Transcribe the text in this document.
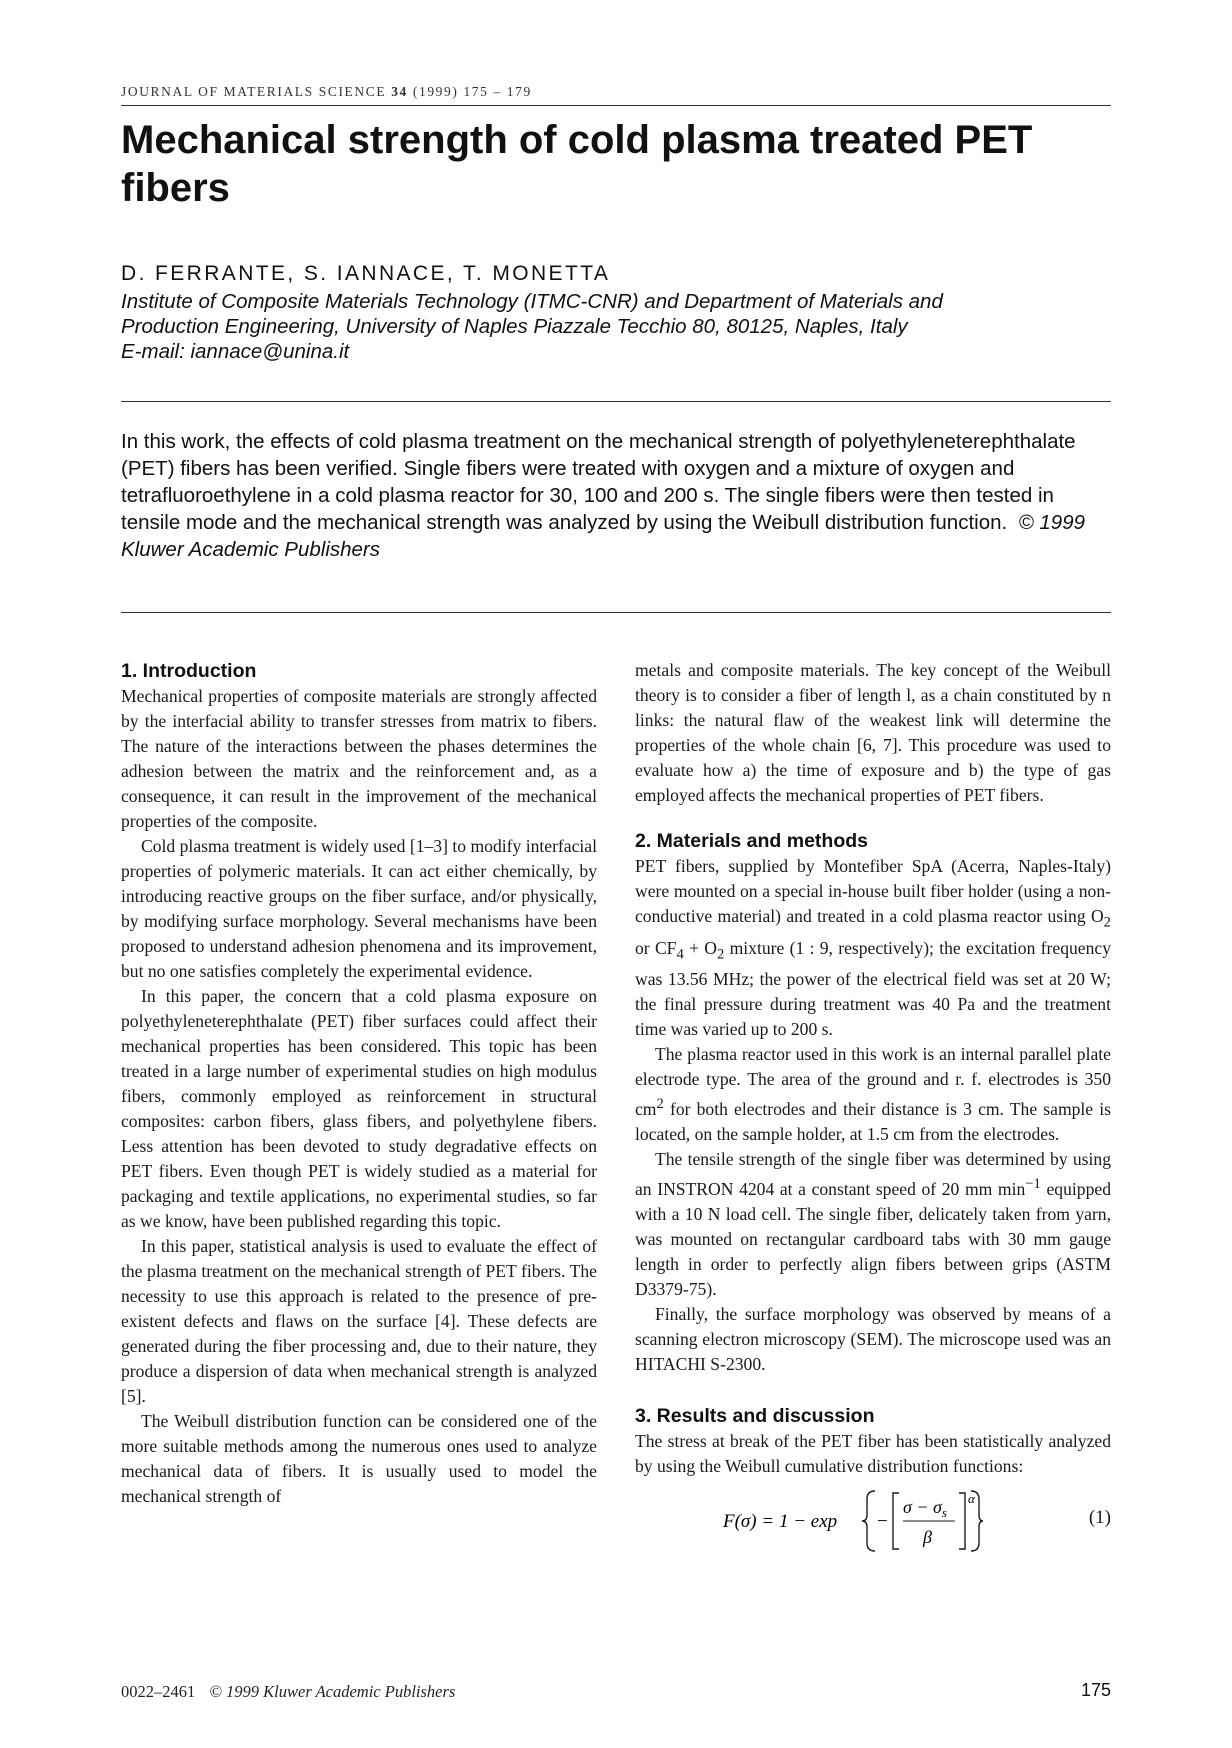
JOURNAL OF MATERIALS SCIENCE 34 (1999) 175 – 179
Mechanical strength of cold plasma treated PET fibers

D. FERRANTE, S. IANNACE, T. MONETTA

Institute of Composite Materials Technology (ITMC-CNR) and Department of Materials and
Production Engineering, University of Naples Piazzale Tecchio 80, 80125, Naples, Italy
E-mail: iannace@unina.it

In this work, the effects of cold plasma treatment on the mechanical strength of polyethyleneterephthalate (PET) fibers has been verified. Single fibers were treated with oxygen and a mixture of oxygen and tetrafluoroethylene in a cold plasma reactor for 30, 100 and 200 s. The single fibers were then tested in tensile mode and the mechanical strength was analyzed by using the Weibull distribution function. © 1999 Kluwer Academic Publishers

1. Introduction

Mechanical properties of composite materials are strongly affected by the interfacial ability to transfer stresses from matrix to fibers. The nature of the interactions between the phases determines the adhesion between the matrix and the reinforcement and, as a consequence, it can result in the improvement of the mechanical properties of the composite.

Cold plasma treatment is widely used [1–3] to modify interfacial properties of polymeric materials. It can act either chemically, by introducing reactive groups on the fiber surface, and/or physically, by modifying surface morphology. Several mechanisms have been proposed to understand adhesion phenomena and its improvement, but no one satisfies completely the experimental evidence.

In this paper, the concern that a cold plasma exposure on polyethyleneterephthalate (PET) fiber surfaces could affect their mechanical properties has been considered. This topic has been treated in a large number of experimental studies on high modulus fibers, commonly employed as reinforcement in structural composites: carbon fibers, glass fibers, and polyethylene fibers. Less attention has been devoted to study degradative effects on PET fibers. Even though PET is widely studied as a material for packaging and textile applications, no experimental studies, so far as we know, have been published regarding this topic.

In this paper, statistical analysis is used to evaluate the effect of the plasma treatment on the mechanical strength of PET fibers. The necessity to use this approach is related to the presence of pre-existent defects and flaws on the surface [4]. These defects are generated during the fiber processing and, due to their nature, they produce a dispersion of data when mechanical strength is analyzed [5].

The Weibull distribution function can be considered one of the more suitable methods among the numerous ones used to analyze mechanical data of fibers. It is usually used to model the mechanical strength of

metals and composite materials. The key concept of the Weibull theory is to consider a fiber of length l, as a chain constituted by n links: the natural flaw of the weakest link will determine the properties of the whole chain [6, 7]. This procedure was used to evaluate how a) the time of exposure and b) the type of gas employed affects the mechanical properties of PET fibers.

2. Materials and methods

PET fibers, supplied by Montefiber SpA (Acerra, Naples-Italy) were mounted on a special in-house built fiber holder (using a non-conductive material) and treated in a cold plasma reactor using $O_2$ or $CF_4 + O_2$ mixture (1 : 9, respectively); the excitation frequency was 13.56 MHz; the power of the electrical field was set at 20 W; the final pressure during treatment was 40 Pa and the treatment time was varied up to 200 s.

The plasma reactor used in this work is an internal parallel plate electrode type. The area of the ground and r. f. electrodes is 350 $cm^2$ for both electrodes and their distance is 3 cm. The sample is located, on the sample holder, at 1.5 cm from the electrodes.

The tensile strength of the single fiber was determined by using an INSTRON 4204 at a constant speed of 20 mm $\min^{-1}$ equipped with a 10 N load cell. The single fiber, delicately taken from yarn, was mounted on rectangular cardboard tabs with 30 mm gauge length in order to perfectly align fibers between grips (ASTM D3379-75).

Finally, the surface morphology was observed by means of a scanning electron microscopy (SEM). The microscope used was an HITACHI S-2300.

3. Results and discussion

The stress at break of the PET fiber has been statistically analyzed by using the Weibull cumulative distribution functions:

F(σ) = 1 − exp −
$\sigma - \sigma_s$
β
α
(1)
0022–2461 © 1999 Kluwer Academic Publishers	175
